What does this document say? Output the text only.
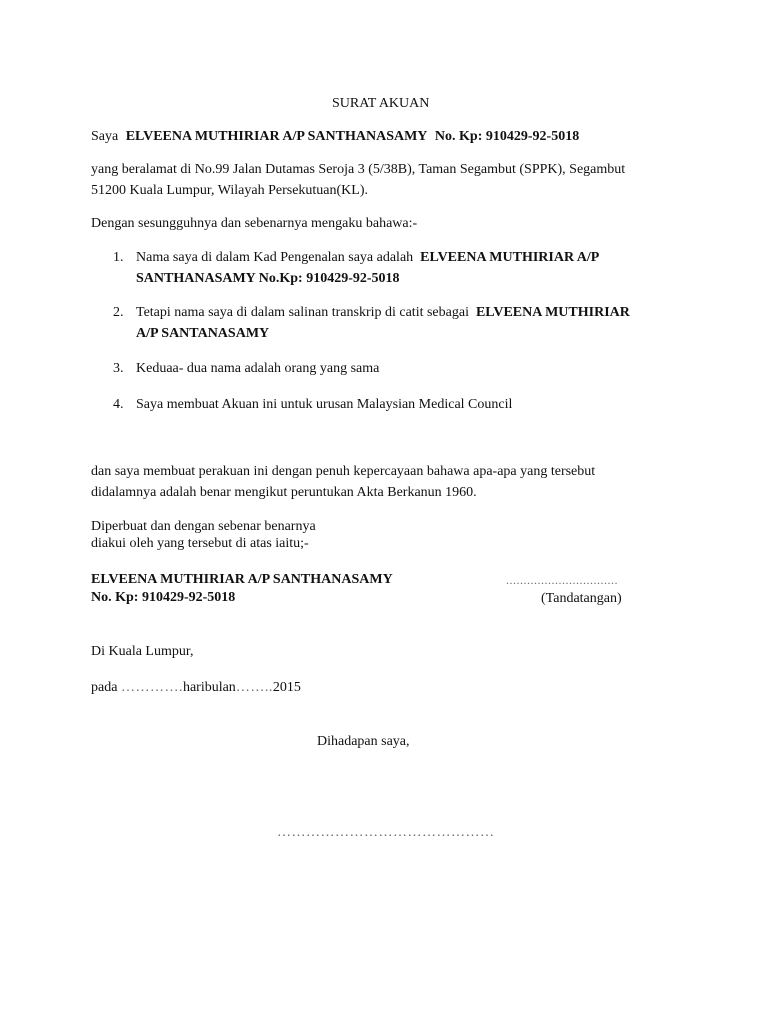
SURAT AKUAN
Saya ELVEENA MUTHIRIAR A/P SANTHANASAMY No. Kp: 910429-92-5018
yang beralamat di No.99 Jalan Dutamas Seroja 3 (5/38B), Taman Segambut (SPPK), Segambut
51200 Kuala Lumpur, Wilayah Persekutuan(KL).
Dengan sesungguhnya dan sebenarnya mengaku bahawa:-
1. Nama saya di dalam Kad Pengenalan saya adalah ELVEENA MUTHIRIAR A/P
SANTHANASAMY No.Kp: 910429-92-5018
2. Tetapi nama saya di dalam salinan transkrip di catit sebagai ELVEENA MUTHIRIAR
A/P SANTANASAMY
3. Keduaa- dua nama adalah orang yang sama
4. Saya membuat Akuan ini untuk urusan Malaysian Medical Council
dan saya membuat perakuan ini dengan penuh kepercayaan bahawa apa-apa yang tersebut
didalamnya adalah benar mengikut peruntukan Akta Berkanun 1960.
Diperbuat dan dengan sebenar benarnya
diakui oleh yang tersebut di atas iaitu;-
ELVEENA MUTHIRIAR A/P SANTHANASAMY	................................
No. Kp: 910429-92-5018	(Tandatangan)
Di Kuala Lumpur,
pada ………….haribulan……..2015
Dihadapan saya,
………………………………………
